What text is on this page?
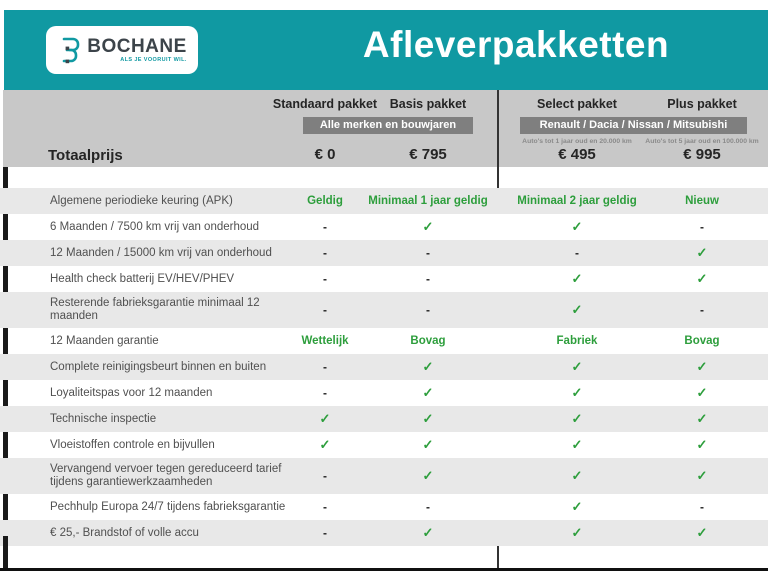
BOCHANE
ALS JE VOORUIT WIL.	Afleverpakketten
Standaard pakket	Basis pakket	Select pakket	Plus pakket
Alle merken en bouwjaren	Renault / Dacia / Nissan / Mitsubishi
Auto's tot 1 jaar oud en 20.000 km	Auto's tot 5 jaar oud en 100.000 km
Totaalprijs	€ 0	€ 795	€ 495	€ 995
Algemene periodieke keuring (APK)	Geldig	Minimaal 1 jaar geldig	Minimaal 2 jaar geldig	Nieuw
6 Maanden / 7500 km vrij van onderhoud	-	✓	✓	-
12 Maanden / 15000 km vrij van onderhoud	-	-	-	✓
Health check batterij EV/HEV/PHEV	-	-	✓	✓
Resterende fabrieksgarantie minimaal 12 maanden	-	-	✓	-
12 Maanden garantie	Wettelijk	Bovag	Fabriek	Bovag
Complete reinigingsbeurt binnen en buiten	-	✓	✓	✓
Loyaliteitspas voor 12 maanden	-	✓	✓	✓
Technische inspectie	✓	✓	✓	✓
Vloeistoffen controle en bijvullen	✓	✓	✓	✓
Vervangend vervoer tegen gereduceerd tarief tijdens garantiewerkzaamheden	-	✓	✓	✓
Pechhulp Europa 24/7 tijdens fabrieksgarantie	-	-	✓	-
€ 25,- Brandstof of volle accu	-	✓	✓	✓
